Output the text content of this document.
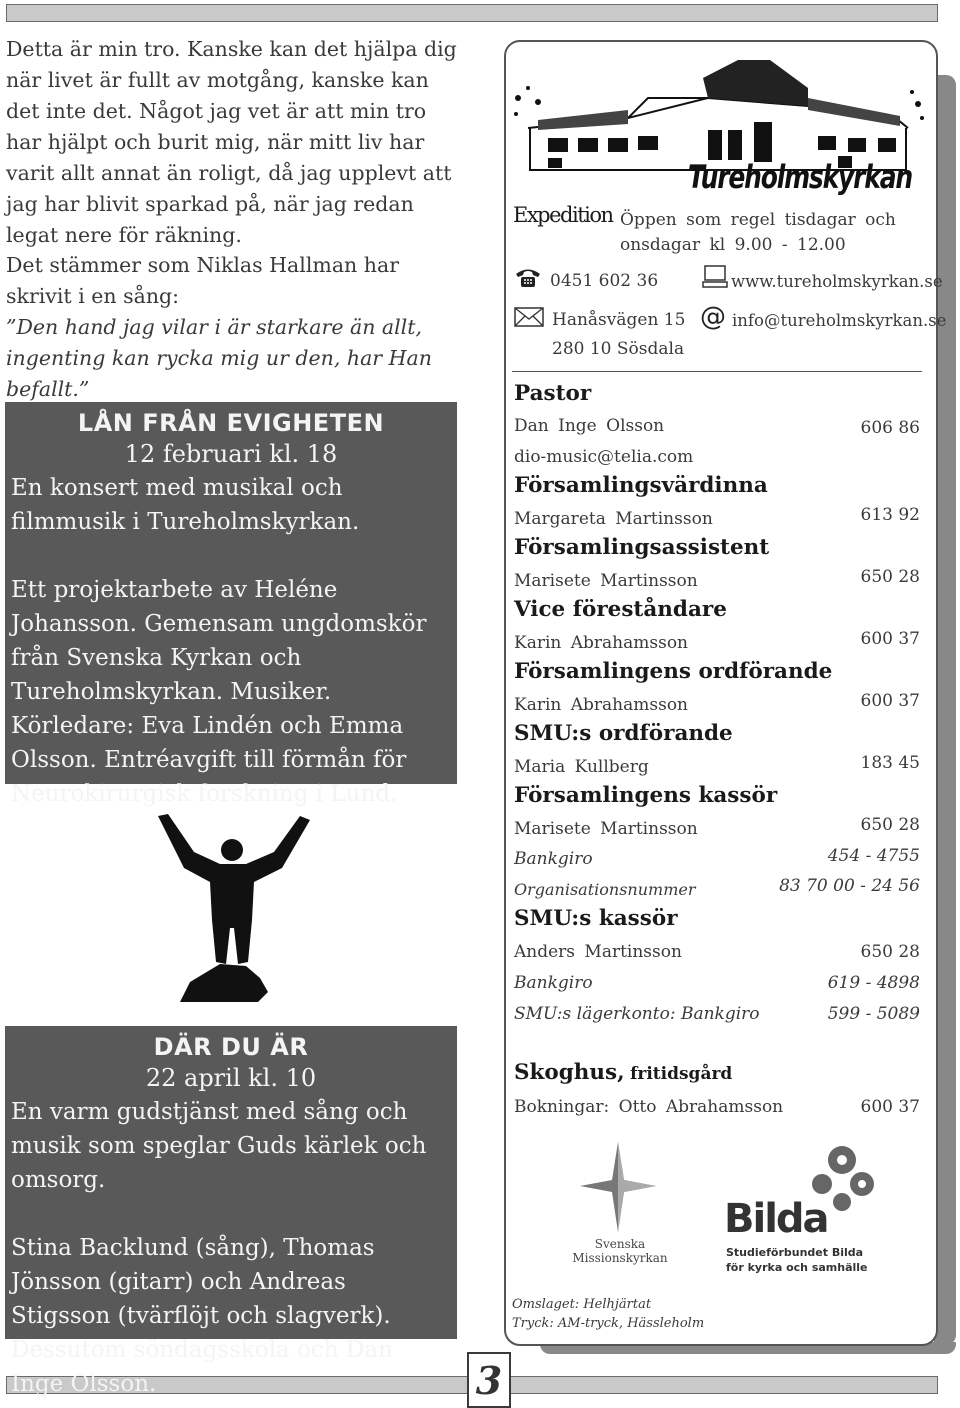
3
Detta är min tro. Kanske kan det hjälpa dig när livet är fullt av motgång, kanske kan det inte det. Något jag vet är att min tro har hjälpt och burit mig, när mitt liv har varit allt annat än roligt, då jag upplevt att jag har blivit sparkad på, när jag redan legat nere för räkning.
Det stämmer som Niklas Hallman har skrivit i en sång:
”Den hand jag vilar i är starkare än allt, ingenting kan rycka mig ur den, har Han befallt.”
LÅN FRÅN EVIGHETEN
12 februari kl. 18
En konsert med musikal och filmmusik i Tureholmskyrkan.
Ett projektarbete av Heléne Johansson. Gemensam ungdomskör från Svenska Kyrkan och Tureholmskyrkan. Musiker. Körledare: Eva Lindén och Emma Olsson. Entréavgift till förmån för Neurokirurgisk forskning i Lund.
DÄR DU ÄR
22 april kl. 10
En varm gudstjänst med sång och musik som speglar Guds kärlek och omsorg.
Stina Backlund (sång), Thomas Jönsson (gitarr) och Andreas Stigsson (tvärflöjt och slagverk). Dessutom söndagsskola och Dan Inge Olsson.
Tureholmskyrkan
Expedition Öppen som regel tisdagar och onsdagar kl 9.00 - 12.00
0451 602 36	www.tureholmskyrkan.se
Hanåsvägen 15
280 10 Sösdala
@ info@tureholmskyrkan.se
Pastor
Dan Inge Olsson	606 86
dio-music@telia.com
Församlingsvärdinna
Margareta Martinsson	613 92
Församlingsassistent
Marisete Martinsson	650 28
Vice föreståndare
Karin Abrahamsson	600 37
Församlingens ordförande
Karin Abrahamsson	600 37
SMU:s ordförande
Maria Kullberg	183 45
Församlingens kassör
Marisete Martinsson	650 28
Bankgiro	454 - 4755
Organisationsnummer	83 70 00 - 24 56
SMU:s kassör
Anders Martinsson	650 28
Bankgiro	619 - 4898
SMU:s lägerkonto: Bankgiro	599 - 5089
Skoghus, fritidsgård
Bokningar: Otto Abrahamsson	600 37
Svenska
Missionskyrkan
Bilda
Studieförbundet Bilda
för kyrka och samhälle
Omslaget: Helhjärtat
Tryck: AM-tryck, Hässleholm
